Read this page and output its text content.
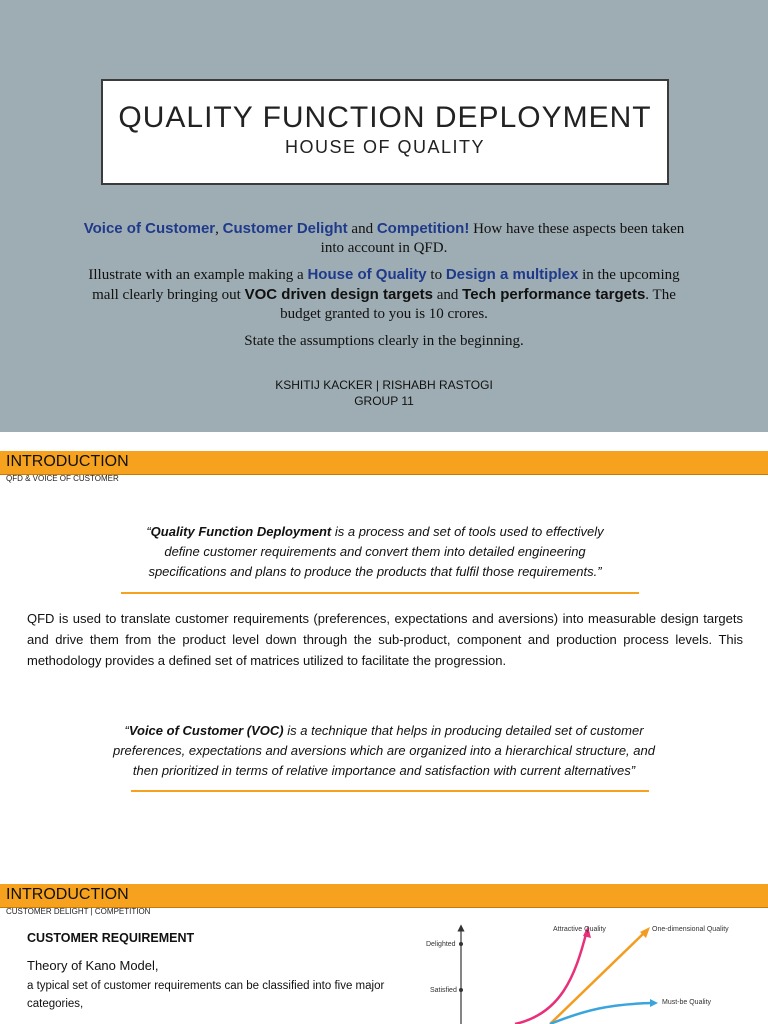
QUALITY FUNCTION DEPLOYMENT
HOUSE OF QUALITY
Voice of Customer, Customer Delight and Competition! How have these aspects been taken into account in QFD.
Illustrate with an example making a House of Quality to Design a multiplex in the upcoming mall clearly bringing out VOC driven design targets and Tech performance targets. The budget granted to you is 10 crores.
State the assumptions clearly in the beginning.
KSHITIJ KACKER | RISHABH RASTOGI
GROUP 11
INTRODUCTION
QFD & VOICE OF CUSTOMER
“Quality Function Deployment is a process and set of tools used to effectively define customer requirements and convert them into detailed engineering specifications and plans to produce the products that fulfil those requirements.”
QFD is used to translate customer requirements (preferences, expectations and aversions) into measurable design targets and drive them from the product level down through the sub-product, component and production process levels. This methodology provides a defined set of matrices utilized to facilitate the progression.
“Voice of Customer (VOC) is a technique that helps in producing detailed set of customer preferences, expectations and aversions which are organized into a hierarchical structure, and then prioritized in terms of relative importance and satisfaction with current alternatives”
INTRODUCTION
CUSTOMER DELIGHT | COMPETITION
CUSTOMER REQUIREMENT
Theory of Kano Model,
a typical set of customer requirements can be classified into five major categories,
Delighted
Satisfied
Attractive Quality	One-dimensional Quality
Must-be Quality
